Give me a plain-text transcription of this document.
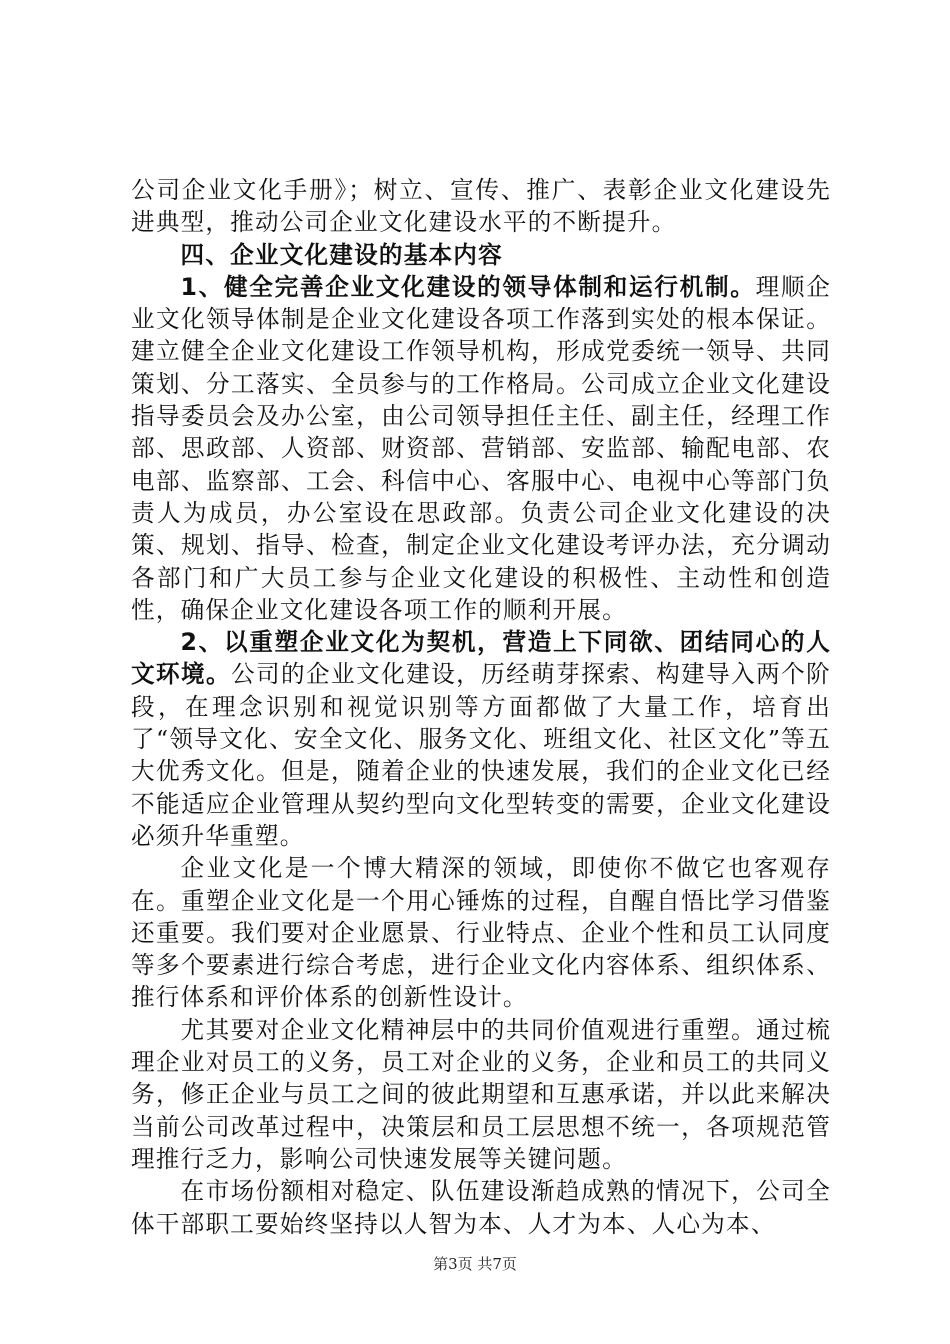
公司企业文化手册》；树立、宣传、推广、表彰企业文化建设先进典型，推动公司企业文化建设水平的不断提升。

四、企业文化建设的基本内容

1、健全完善企业文化建设的领导体制和运行机制。理顺企业文化领导体制是企业文化建设各项工作落到实处的根本保证。建立健全企业文化建设工作领导机构，形成党委统一领导、共同策划、分工落实、全员参与的工作格局。公司成立企业文化建设指导委员会及办公室，由公司领导担任主任、副主任，经理工作部、思政部、人资部、财资部、营销部、安监部、输配电部、农电部、监察部、工会、科信中心、客服中心、电视中心等部门负责人为成员，办公室设在思政部。负责公司企业文化建设的决策、规划、指导、检查，制定企业文化建设考评办法，充分调动各部门和广大员工参与企业文化建设的积极性、主动性和创造性，确保企业文化建设各项工作的顺利开展。

2、以重塑企业文化为契机，营造上下同欲、团结同心的人文环境。公司的企业文化建设，历经萌芽探索、构建导入两个阶段，在理念识别和视觉识别等方面都做了大量工作，培育出了“领导文化、安全文化、服务文化、班组文化、社区文化”等五大优秀文化。但是，随着企业的快速发展，我们的企业文化已经不能适应企业管理从契约型向文化型转变的需要，企业文化建设必须升华重塑。

企业文化是一个博大精深的领域，即使你不做它也客观存在。重塑企业文化是一个用心锤炼的过程，自醒自悟比学习借鉴还重要。我们要对企业愿景、行业特点、企业个性和员工认同度等多个要素进行综合考虑，进行企业文化内容体系、组织体系、推行体系和评价体系的创新性设计。

尤其要对企业文化精神层中的共同价值观进行重塑。通过梳理企业对员工的义务，员工对企业的义务，企业和员工的共同义务，修正企业与员工之间的彼此期望和互惠承诺，并以此来解决当前公司改革过程中，决策层和员工层思想不统一，各项规范管理推行乏力，影响公司快速发展等关键问题。

在市场份额相对稳定、队伍建设渐趋成熟的情况下，公司全体干部职工要始终坚持以人智为本、人才为本、人心为本、

第3页 共7页
